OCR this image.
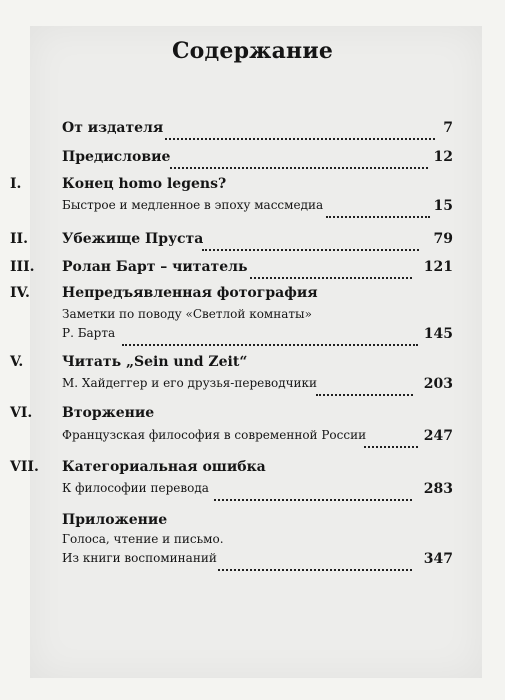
Содержание
От издателя	7
Предисловие	12
I.	Конец homo legens?
Быстрое и медленное в эпоху массмедиа	15
II. Убежище Пруста	79
III. Ролан Барт – читатель	121
IV. Непредъявленная фотография
Заметки по поводу «Светлой комнаты»
Р. Барта	145
V.	Читать „Sein und Zeit“
М. Хайдеггер и его друзья-переводчики	203
VI. Вторжение
Французская философия в современной России	247
VII. Категориальная ошибка
К философии перевода	283
Приложение
Голоса, чтение и письмо.
Из книги воспоминаний	347
